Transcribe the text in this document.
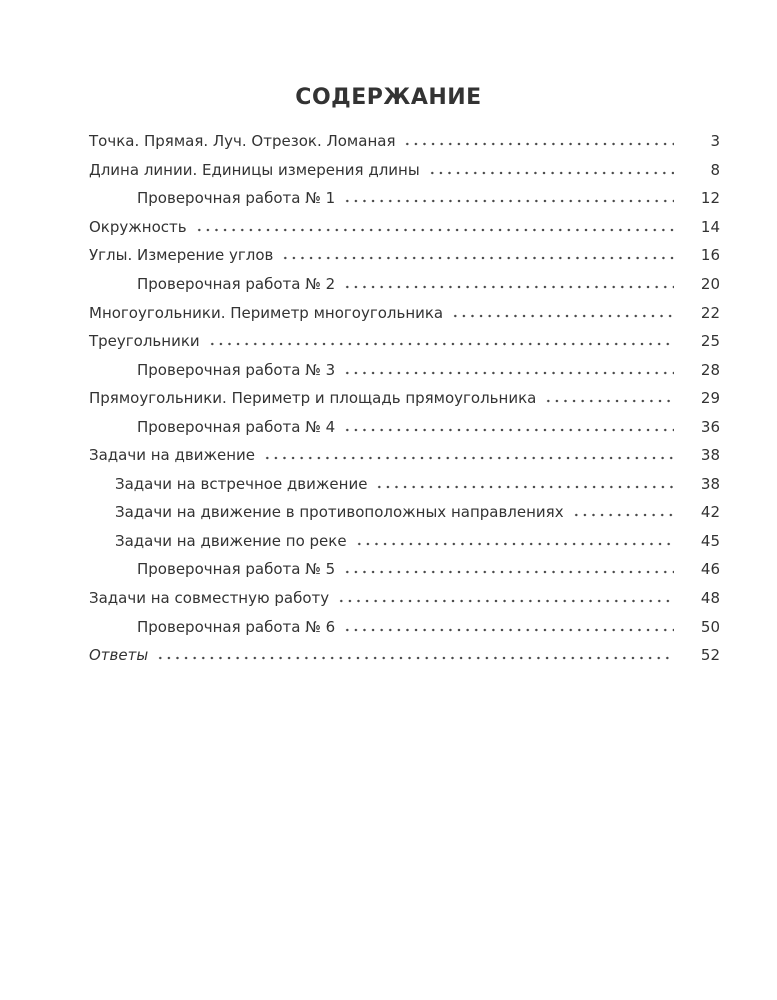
СОДЕРЖАНИЕ
Точка. Прямая. Луч. Отрезок. Ломаная	3
Длина линии. Единицы измерения длины	8
Проверочная работа № 1	12
Окружность	14
Углы. Измерение углов	16
Проверочная работа № 2	20
Многоугольники. Периметр многоугольника	22
Треугольники	25
Проверочная работа № 3	28
Прямоугольники. Периметр и площадь прямоугольника	29
Проверочная работа № 4	36
Задачи на движение	38
Задачи на встречное движение	38
Задачи на движение в противоположных направлениях	42
Задачи на движение по реке	45
Проверочная работа № 5	46
Задачи на совместную работу	48
Проверочная работа № 6	50
Ответы	52
